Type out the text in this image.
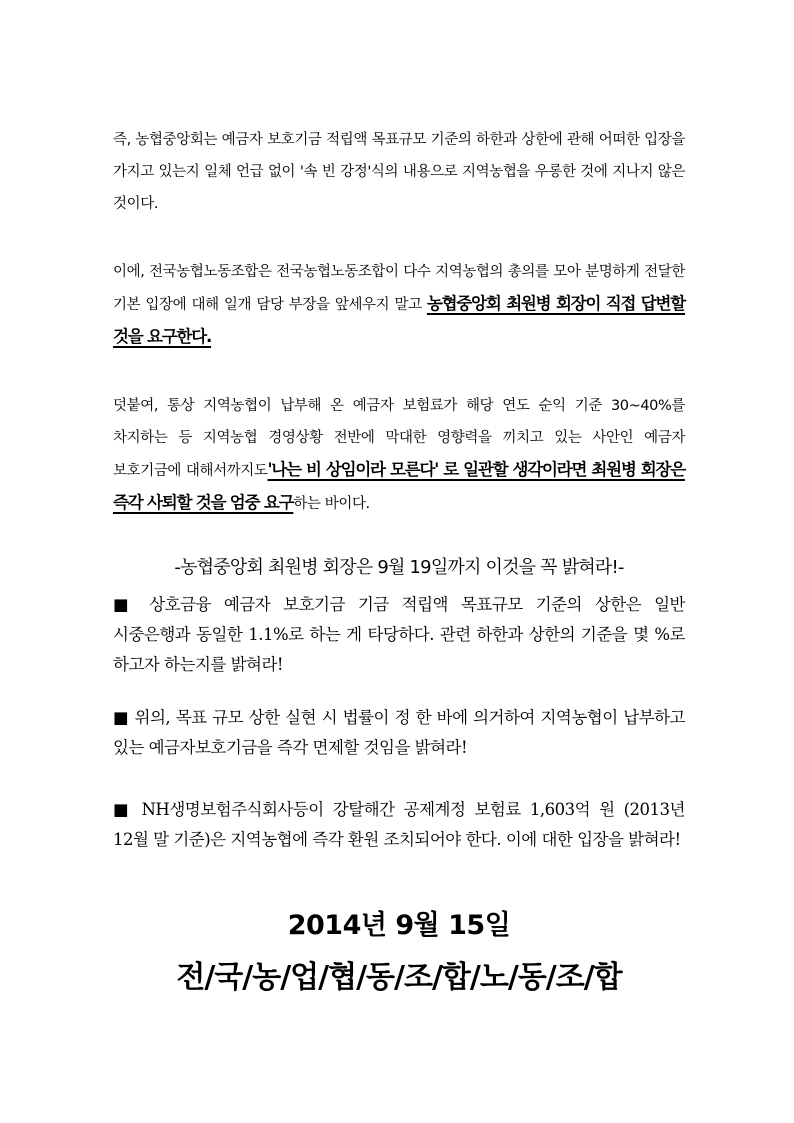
즉, 농협중앙회는 예금자 보호기금 적립액 목표규모 기준의 하한과 상한에 관해 어떠한 입장을 가지고 있는지 일체 언급 없이 '속 빈 강정'식의 내용으로 지역농협을 우롱한 것에 지나지 않은 것이다.

이에, 전국농협노동조합은 전국농협노동조합이 다수 지역농협의 총의를 모아 분명하게 전달한 기본 입장에 대해 일개 담당 부장을 앞세우지 말고 농협중앙회 최원병 회장이 직접 답변할 것을 요구한다.

덧붙여, 통상 지역농협이 납부해 온 예금자 보험료가 해당 연도 순익 기준 30~40%를 차지하는 등 지역농협 경영상황 전반에 막대한 영향력을 끼치고 있는 사안인 예금자 보호기금에 대해서까지도'나는 비 상임이라 모른다' 로 일관할 생각이라면 최원병 회장은 즉각 사퇴할 것을 엄중 요구하는 바이다.

-농협중앙회 최원병 회장은 9월 19일까지 이것을 꼭 밝혀라!-

■ 상호금융 예금자 보호기금 기금 적립액 목표규모 기준의 상한은 일반 시중은행과 동일한 1.1%로 하는 게 타당하다. 관련 하한과 상한의 기준을 몇 %로 하고자 하는지를 밝혀라!

■ 위의, 목표 규모 상한 실현 시 법률이 정 한 바에 의거하여 지역농협이 납부하고 있는 예금자보호기금을 즉각 면제할 것임을 밝혀라!

■ NH생명보험주식회사등이 강탈해간 공제계정 보험료 1,603억 원 (2013년 12월 말 기준)은 지역농협에 즉각 환원 조치되어야 한다. 이에 대한 입장을 밝혀라!

2014년 9월 15일

전/국/농/업/협/동/조/합/노/동/조/합
